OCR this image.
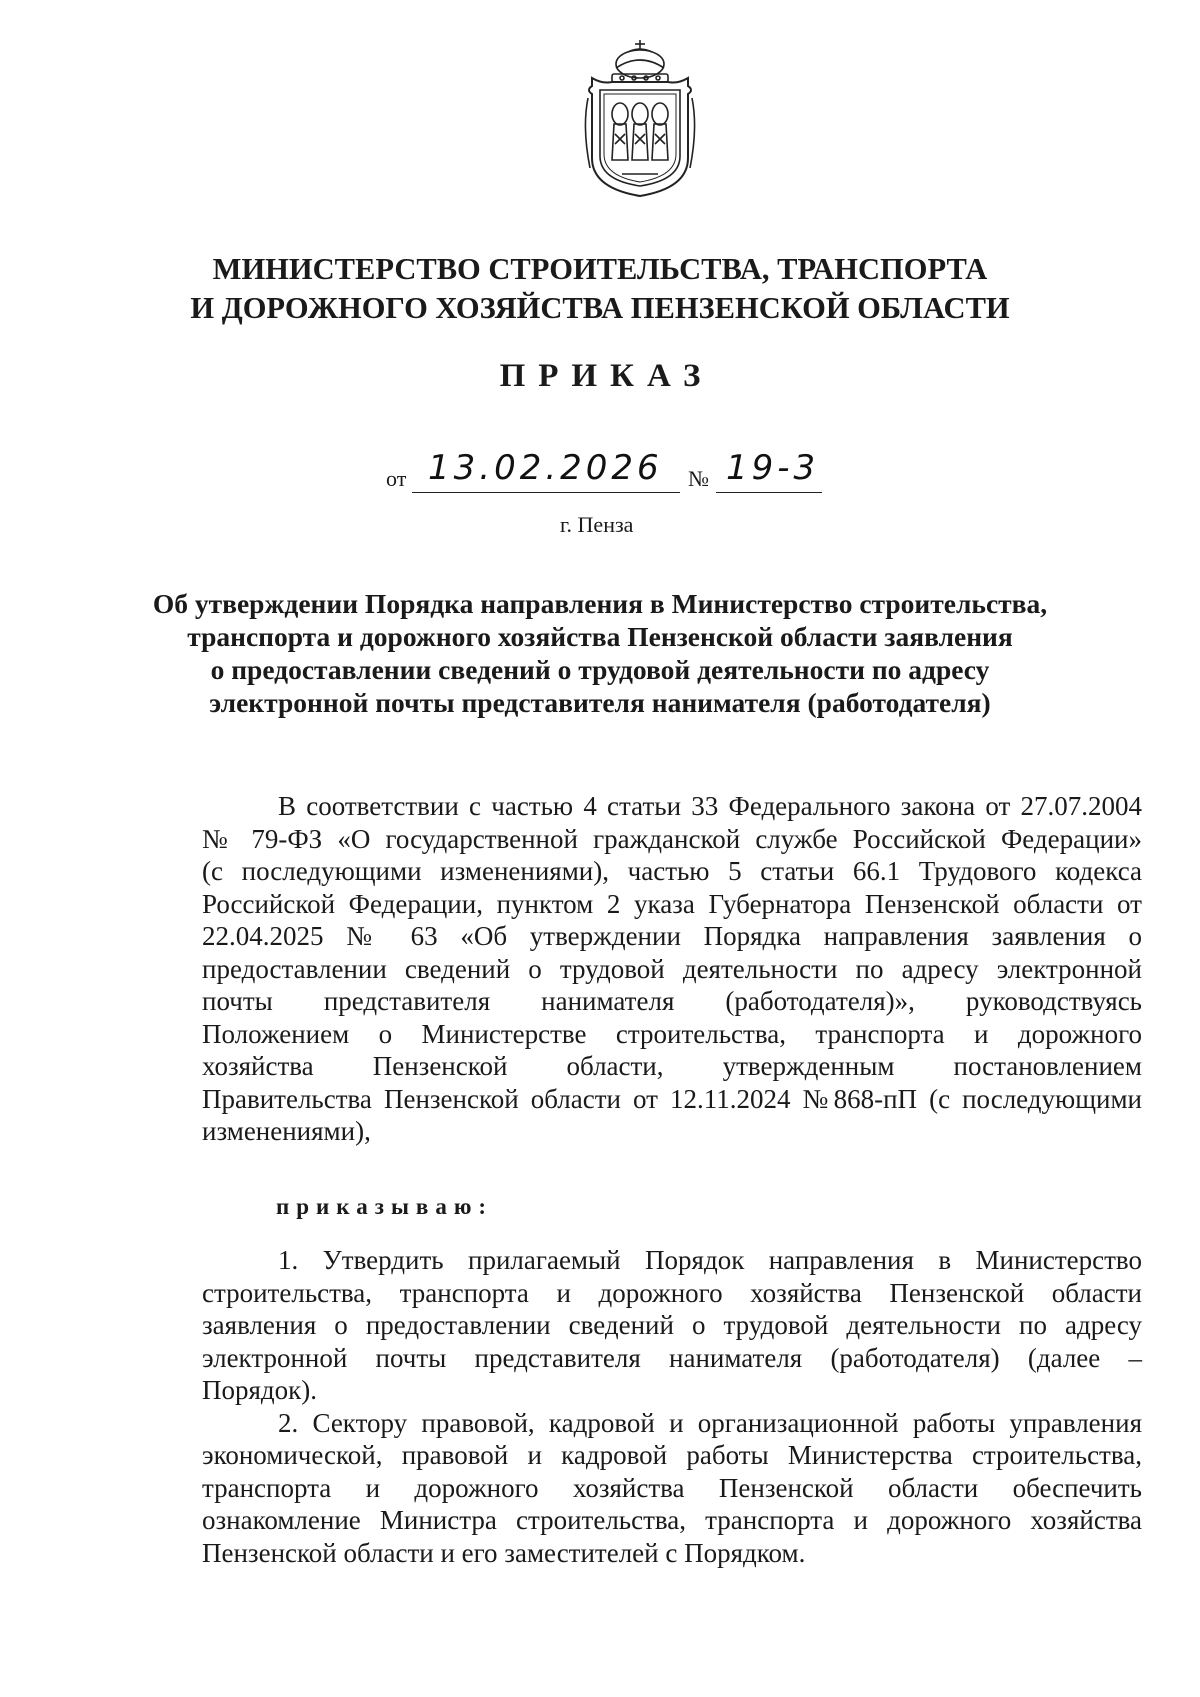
МИНИСТЕРСТВО СТРОИТЕЛЬСТВА, ТРАНСПОРТА
И ДОРОЖНОГО ХОЗЯЙСТВА ПЕНЗЕНСКОЙ ОБЛАСТИ
ПРИКАЗ
от 13.02.2026 № 19-3
г. Пенза
Об утверждении Порядка направления в Министерство строительства,
транспорта и дорожного хозяйства Пензенской области заявления
о предоставлении сведений о трудовой деятельности по адресу
электронной почты представителя нанимателя (работодателя)
В соответствии с частью 4 статьи 33 Федерального закона от 27.07.2004
№ 79-ФЗ «О государственной гражданской службе Российской Федерации»
(с последующими изменениями), частью 5 статьи 66.1 Трудового кодекса
Российской Федерации, пунктом 2 указа Губернатора Пензенской области от
22.04.2025 № 63 «Об утверждении Порядка направления заявления о
предоставлении сведений о трудовой деятельности по адресу электронной
почты представителя нанимателя (работодателя)», руководствуясь
Положением о Министерстве строительства, транспорта и дорожного
хозяйства Пензенской области, утвержденным постановлением
Правительства Пензенской области от 12.11.2024 №868-пП (с последующими
изменениями),
приказываю:
1. Утвердить прилагаемый Порядок направления в Министерство
строительства, транспорта и дорожного хозяйства Пензенской области
заявления о предоставлении сведений о трудовой деятельности по адресу
электронной почты представителя нанимателя (работодателя) (далее –
Порядок).
2. Сектору правовой, кадровой и организационной работы управления
экономической, правовой и кадровой работы Министерства строительства,
транспорта и дорожного хозяйства Пензенской области обеспечить
ознакомление Министра строительства, транспорта и дорожного хозяйства
Пензенской области и его заместителей с Порядком.
